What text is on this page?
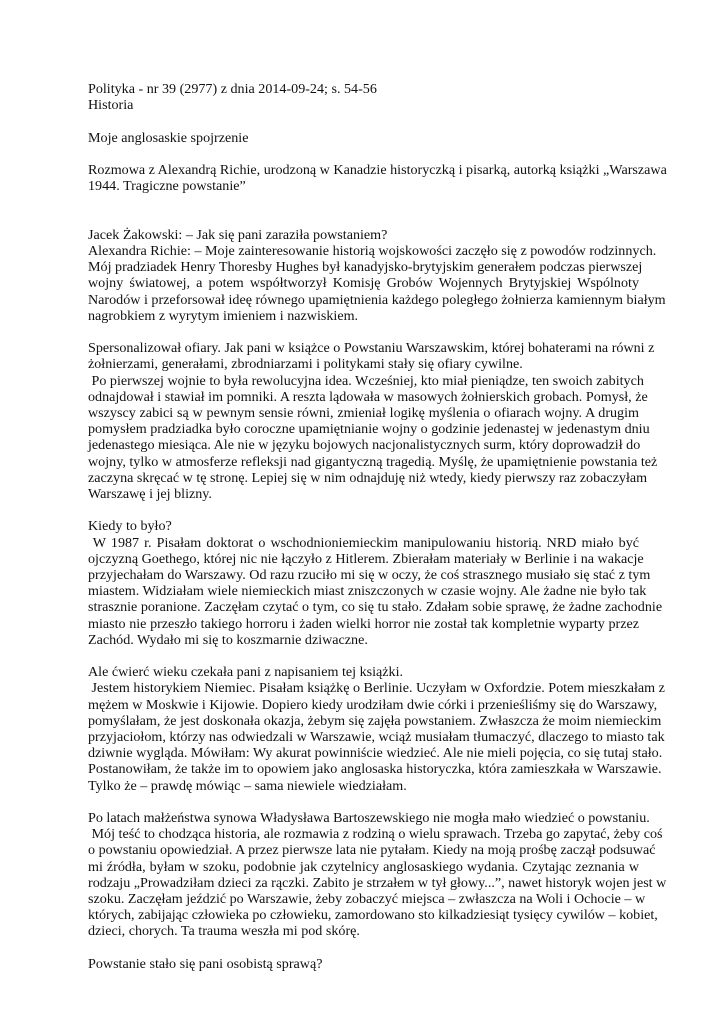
Polityka - nr 39 (2977) z dnia 2014-09-24; s. 54-56
Historia
Moje anglosaskie spojrzenie
Rozmowa z Alexandrą Richie, urodzoną w Kanadzie historyczką i pisarką, autorką książki „Warszawa
1944. Tragiczne powstanie”
Jacek Żakowski: – Jak się pani zaraziła powstaniem?
Alexandra Richie: – Moje zainteresowanie historią wojskowości zaczęło się z powodów rodzinnych.
Mój pradziadek Henry Thoresby Hughes był kanadyjsko-brytyjskim generałem podczas pierwszej
wojny światowej, a potem współtworzył Komisję Grobów Wojennych Brytyjskiej Wspólnoty
Narodów i przeforsował ideę równego upamiętnienia każdego poległego żołnierza kamiennym białym
nagrobkiem z wyrytym imieniem i nazwiskiem.
Spersonalizował ofiary. Jak pani w książce o Powstaniu Warszawskim, której bohaterami na równi z
żołnierzami, generałami, zbrodniarzami i politykami stały się ofiary cywilne.
Po pierwszej wojnie to była rewolucyjna idea. Wcześniej, kto miał pieniądze, ten swoich zabitych
odnajdował i stawiał im pomniki. A reszta lądowała w masowych żołnierskich grobach. Pomysł, że
wszyscy zabici są w pewnym sensie równi, zmieniał logikę myślenia o ofiarach wojny. A drugim
pomysłem pradziadka było coroczne upamiętnianie wojny o godzinie jedenastej w jedenastym dniu
jedenastego miesiąca. Ale nie w języku bojowych nacjonalistycznych surm, który doprowadził do
wojny, tylko w atmosferze refleksji nad gigantyczną tragedią. Myślę, że upamiętnienie powstania też
zaczyna skręcać w tę stronę. Lepiej się w nim odnajduję niż wtedy, kiedy pierwszy raz zobaczyłam
Warszawę i jej blizny.
Kiedy to było?
W 1987 r. Pisałam doktorat o wschodnioniemieckim manipulowaniu historią. NRD miało być
ojczyzną Goethego, której nic nie łączyło z Hitlerem. Zbierałam materiały w Berlinie i na wakacje
przyjechałam do Warszawy. Od razu rzuciło mi się w oczy, że coś strasznego musiało się stać z tym
miastem. Widziałam wiele niemieckich miast zniszczonych w czasie wojny. Ale żadne nie było tak
strasznie poranione. Zaczęłam czytać o tym, co się tu stało. Zdałam sobie sprawę, że żadne zachodnie
miasto nie przeszło takiego horroru i żaden wielki horror nie został tak kompletnie wyparty przez
Zachód. Wydało mi się to koszmarnie dziwaczne.
Ale ćwierć wieku czekała pani z napisaniem tej książki.
Jestem historykiem Niemiec. Pisałam książkę o Berlinie. Uczyłam w Oxfordzie. Potem mieszkałam z
mężem w Moskwie i Kijowie. Dopiero kiedy urodziłam dwie córki i przenieśliśmy się do Warszawy,
pomyślałam, że jest doskonała okazja, żebym się zajęła powstaniem. Zwłaszcza że moim niemieckim
przyjaciołom, którzy nas odwiedzali w Warszawie, wciąż musiałam tłumaczyć, dlaczego to miasto tak
dziwnie wygląda. Mówiłam: Wy akurat powinniście wiedzieć. Ale nie mieli pojęcia, co się tutaj stało.
Postanowiłam, że także im to opowiem jako anglosaska historyczka, która zamieszkała w Warszawie.
Tylko że – prawdę mówiąc – sama niewiele wiedziałam.
Po latach małżeństwa synowa Władysława Bartoszewskiego nie mogła mało wiedzieć o powstaniu.
Mój teść to chodząca historia, ale rozmawia z rodziną o wielu sprawach. Trzeba go zapytać, żeby coś
o powstaniu opowiedział. A przez pierwsze lata nie pytałam. Kiedy na moją prośbę zaczął podsuwać
mi źródła, byłam w szoku, podobnie jak czytelnicy anglosaskiego wydania. Czytając zeznania w
rodzaju „Prowadziłam dzieci za rączki. Zabito je strzałem w tył głowy...”, nawet historyk wojen jest w
szoku. Zaczęłam jeździć po Warszawie, żeby zobaczyć miejsca – zwłaszcza na Woli i Ochocie – w
których, zabijając człowieka po człowieku, zamordowano sto kilkadziesiąt tysięcy cywilów – kobiet,
dzieci, chorych. Ta trauma weszła mi pod skórę.
Powstanie stało się pani osobistą sprawą?
